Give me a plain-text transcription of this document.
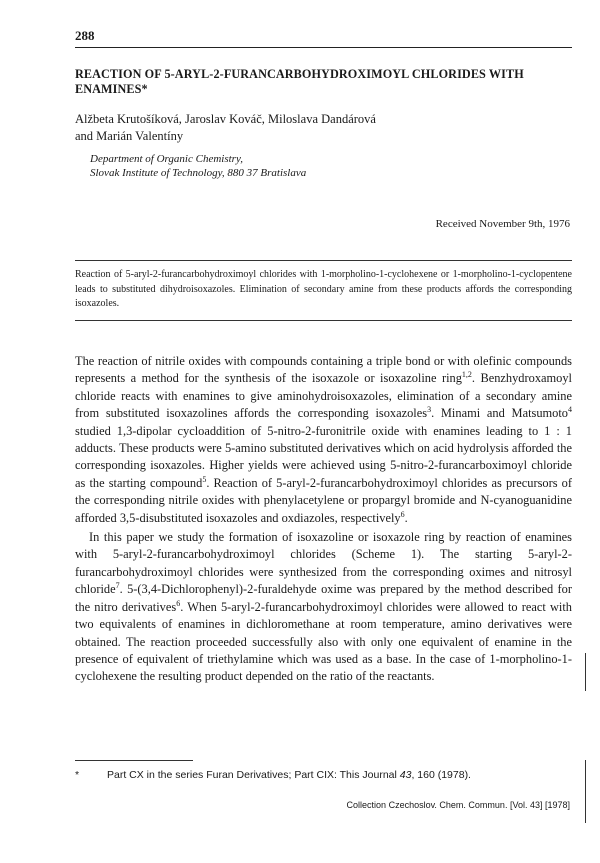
288
REACTION OF 5-ARYL-2-FURANCARBOHYDROXIMOYL CHLORIDES WITH ENAMINES*
Alžbeta Krutošíková, Jaroslav Kováč, Miloslava Dandárová
and Marián Valentíny
Department of Organic Chemistry,
Slovak Institute of Technology, 880 37 Bratislava
Received November 9th, 1976
Reaction of 5-aryl-2-furancarbohydroximoyl chlorides with 1-morpholino-1-cyclohexene or 1-morpholino-1-cyclopentene leads to substituted dihydroisoxazoles. Elimination of secondary amine from these products affords the corresponding isoxazoles.

The reaction of nitrile oxides with compounds containing a triple bond or with olefinic compounds represents a method for the synthesis of the isoxazole or isoxazoline ring$^{1,2}$. Benzhydroxamoyl chloride reacts with enamines to give aminohydroisoxazoles, elimination of a secondary amine from substituted isoxazolines affords the corresponding isoxazoles$^3$. Minami and Matsumoto$^4$ studied 1,3-dipolar cycloaddition of 5-nitro-2-furonitrile oxide with enamines leading to 1 : 1 adducts. These products were 5-amino substituted derivatives which on acid hydrolysis afforded the corresponding isoxazoles. Higher yields were achieved using 5-nitro-2-furancarboximoyl chloride as the starting compound$^5$. Reaction of 5-aryl-2-furancarbohydroximoyl chlorides as precursors of the corresponding nitrile oxides with phenylacetylene or propargyl bromide and N-cyanoguanidine afforded 3,5-disubstituted isoxazoles and oxdiazoles, respectively$^6$.

In this paper we study the formation of isoxazoline or isoxazole ring by reaction of enamines with 5-aryl-2-furancarbohydroximoyl chlorides (Scheme 1). The starting 5-aryl-2-furancarbohydroximoyl chlorides were synthesized from the corresponding oximes and nitrosyl chloride$^7$. 5-(3,4-Dichlorophenyl)-2-furaldehyde oxime was prepared by the method described for the nitro derivatives$^6$. When 5-aryl-2-furancarbohydroximoyl chlorides were allowed to react with two equivalents of enamines in dichloromethane at room temperature, amino derivatives were obtained. The reaction proceeded successfully also with only one equivalent of enamine in the presence of equivalent of triethylamine which was used as a base. In the case of 1-morpholino-1-cyclohexene the resulting product depended on the ratio of the reactants.

*	Part CX in the series Furan Derivatives; Part CIX: This Journal 43, 160 (1978).
Collection Czechoslov. Chem. Commun. [Vol. 43] [1978]
